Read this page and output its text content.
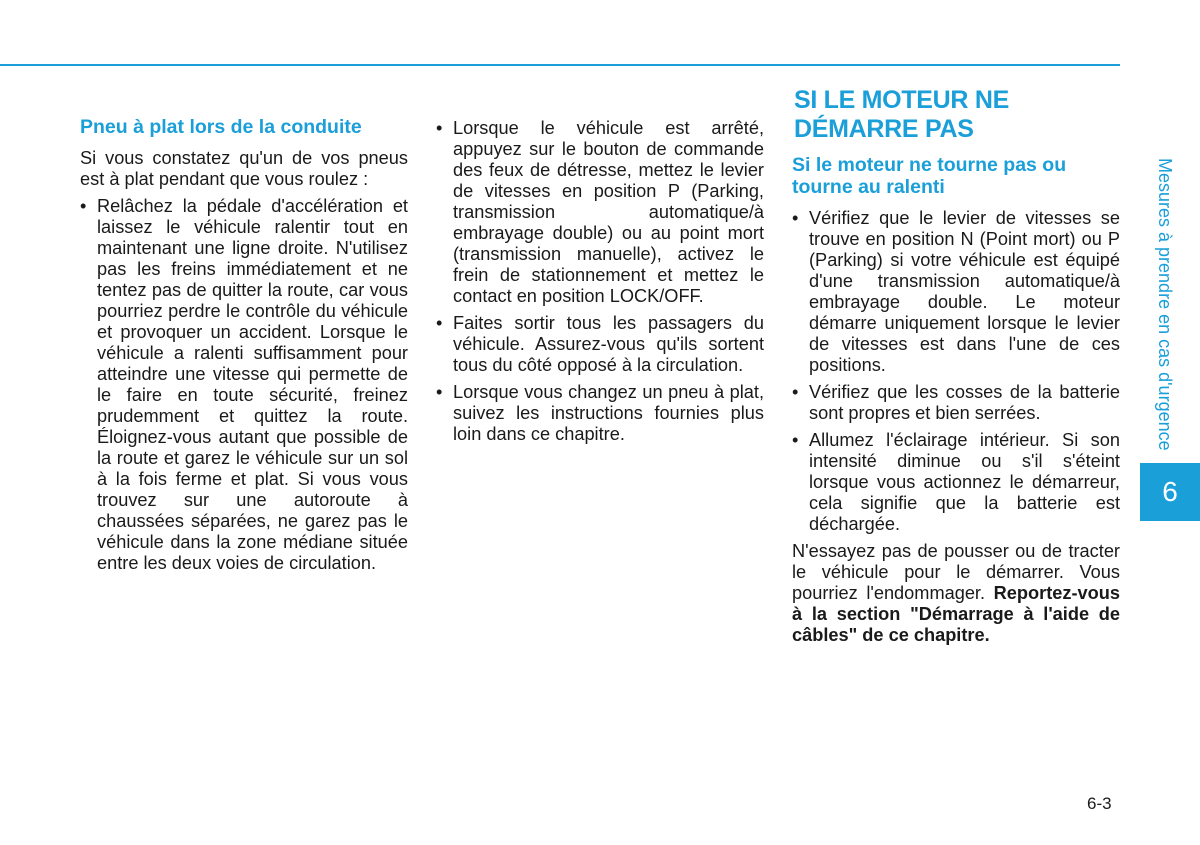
Pneu à plat lors de la conduite

Si vous constatez qu'un de vos pneus est à plat pendant que vous roulez :

• Relâchez la pédale d'accélération et laissez le véhicule ralentir tout en maintenant une ligne droite. N'utilisez pas les freins immédiatement et ne tentez pas de quitter la route, car vous pourriez perdre le contrôle du véhicule et provoquer un accident. Lorsque le véhicule a ralenti suffisamment pour atteindre une vitesse qui permette de le faire en toute sécurité, freinez prudemment et quittez la route. Éloignez-vous autant que possible de la route et garez le véhicule sur un sol à la fois ferme et plat. Si vous vous trouvez sur une autoroute à chaussées séparées, ne garez pas le véhicule dans la zone médiane située entre les deux voies de circulation.
• Lorsque le véhicule est arrêté, appuyez sur le bouton de commande des feux de détresse, mettez le levier de vitesses en position P (Parking, transmission automatique/à embrayage double) ou au point mort (transmission manuelle), activez le frein de stationnement et mettez le contact en position LOCK/OFF.
• Faites sortir tous les passagers du véhicule. Assurez-vous qu'ils sortent tous du côté opposé à la circulation.
• Lorsque vous changez un pneu à plat, suivez les instructions fournies plus loin dans ce chapitre.
SI LE MOTEUR NE
DÉMARRE PAS
Si le moteur ne tourne pas ou tourne au ralenti
• Vérifiez que le levier de vitesses se trouve en position N (Point mort) ou P (Parking) si votre véhicule est équipé d'une transmission automatique/à embrayage double. Le moteur démarre uniquement lorsque le levier de vitesses est dans l'une de ces positions.
• Vérifiez que les cosses de la batterie sont propres et bien serrées.
• Allumez l'éclairage intérieur. Si son intensité diminue ou s'il s'éteint lorsque vous actionnez le démarreur, cela signifie que la batterie est déchargée.

N'essayez pas de pousser ou de tracter le véhicule pour le démarrer. Vous pourriez l'endommager. Reportez-vous à la section "Démarrage à l'aide de câbles" de ce chapitre.

Mesures à prendre en cas d'urgence
6
6-3
